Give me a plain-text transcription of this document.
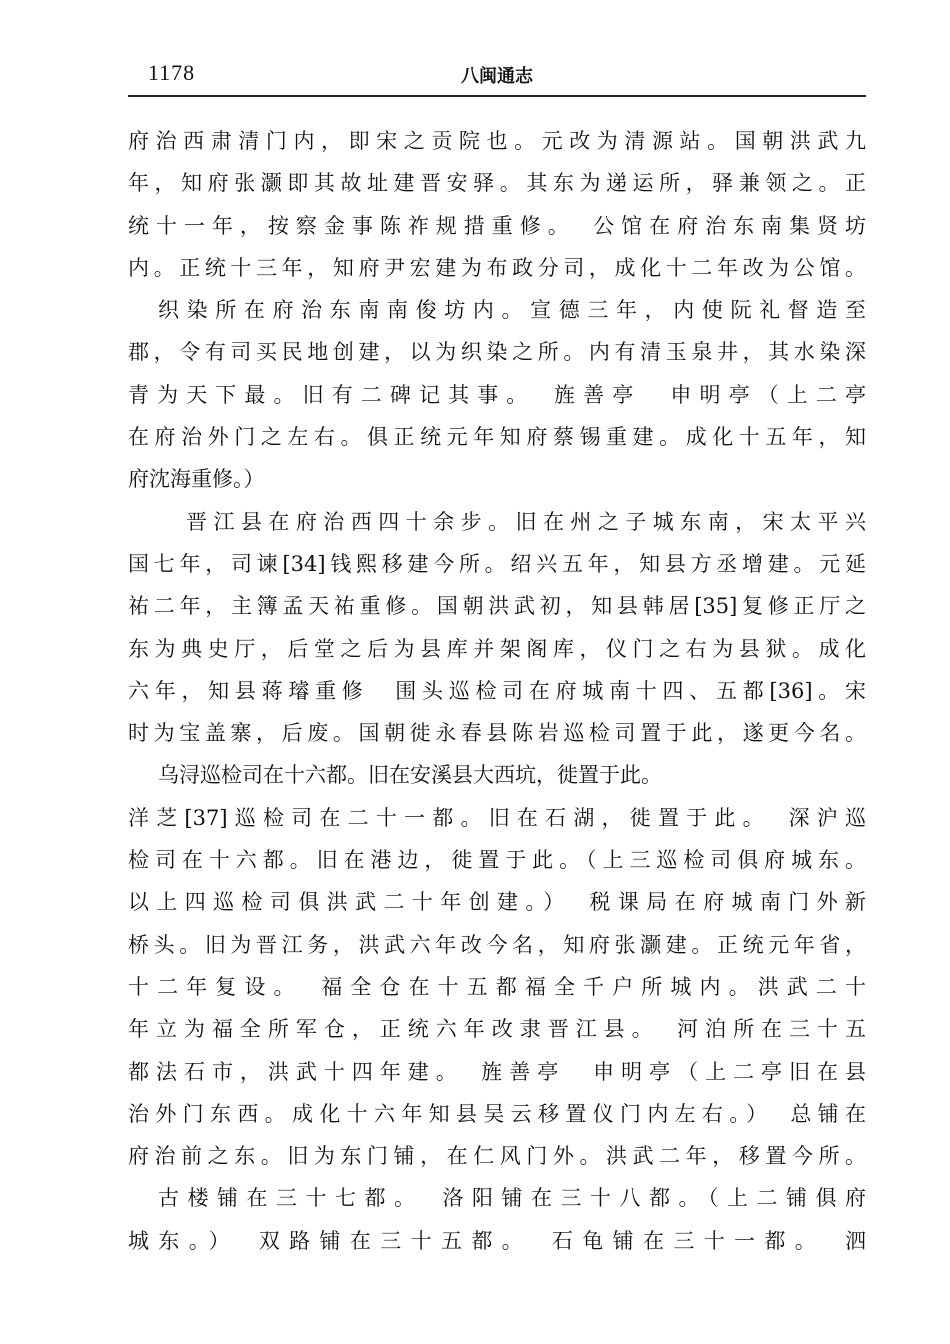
1178	八闽通志
府治西肃清门内，即宋之贡院也。元改为清源站。国朝洪武九
年，知府张灏即其故址建晋安驿。其东为递运所，驿兼领之。正
统十一年，按察金事陈祚规措重修。　公馆在府治东南集贤坊
内。正统十三年，知府尹宏建为布政分司，成化十二年改为公馆。
织染所在府治东南南俊坊内。宣德三年，内使阮礼督造至
郡，令有司买民地创建，以为织染之所。内有清玉泉井，其水染深
青为天下最。旧有二碑记其事。　旌善亭　申明亭（上二亭
在府治外门之左右。俱正统元年知府蔡锡重建。成化十五年，知
府沈海重修。）
晋江县在府治西四十余步。旧在州之子城东南，宋太平兴
国七年，司谏[34]钱熙移建今所。绍兴五年，知县方丞增建。元延
祐二年，主簿孟天祐重修。国朝洪武初，知县韩居[35]复修正厅之
东为典史厅，后堂之后为县库并架阁库，仪门之右为县狱。成化
六年，知县蒋璿重修　围头巡检司在府城南十四、五都[36]。宋
时为宝盖寨，后废。国朝徙永春县陈岩巡检司置于此，遂更今名。
乌浔巡检司在十六都。旧在安溪县大西坑，徙置于此。
洋芝[37]巡检司在二十一都。旧在石湖，徙置于此。　深沪巡
检司在十六都。旧在港边，徙置于此。（上三巡检司俱府城东。
以上四巡检司俱洪武二十年创建。）　税课局在府城南门外新
桥头。旧为晋江务，洪武六年改今名，知府张灏建。正统元年省，
十二年复设。　福全仓在十五都福全千户所城内。洪武二十
年立为福全所军仓，正统六年改隶晋江县。　河泊所在三十五
都法石市，洪武十四年建。　旌善亭　申明亭（上二亭旧在县
治外门东西。成化十六年知县吴云移置仪门内左右。）　总铺在
府治前之东。旧为东门铺，在仁风门外。洪武二年，移置今所。
古楼铺在三十七都。　洛阳铺在三十八都。（上二铺俱府
城东。）　双路铺在三十五都。　石龟铺在三十一都。　泗
